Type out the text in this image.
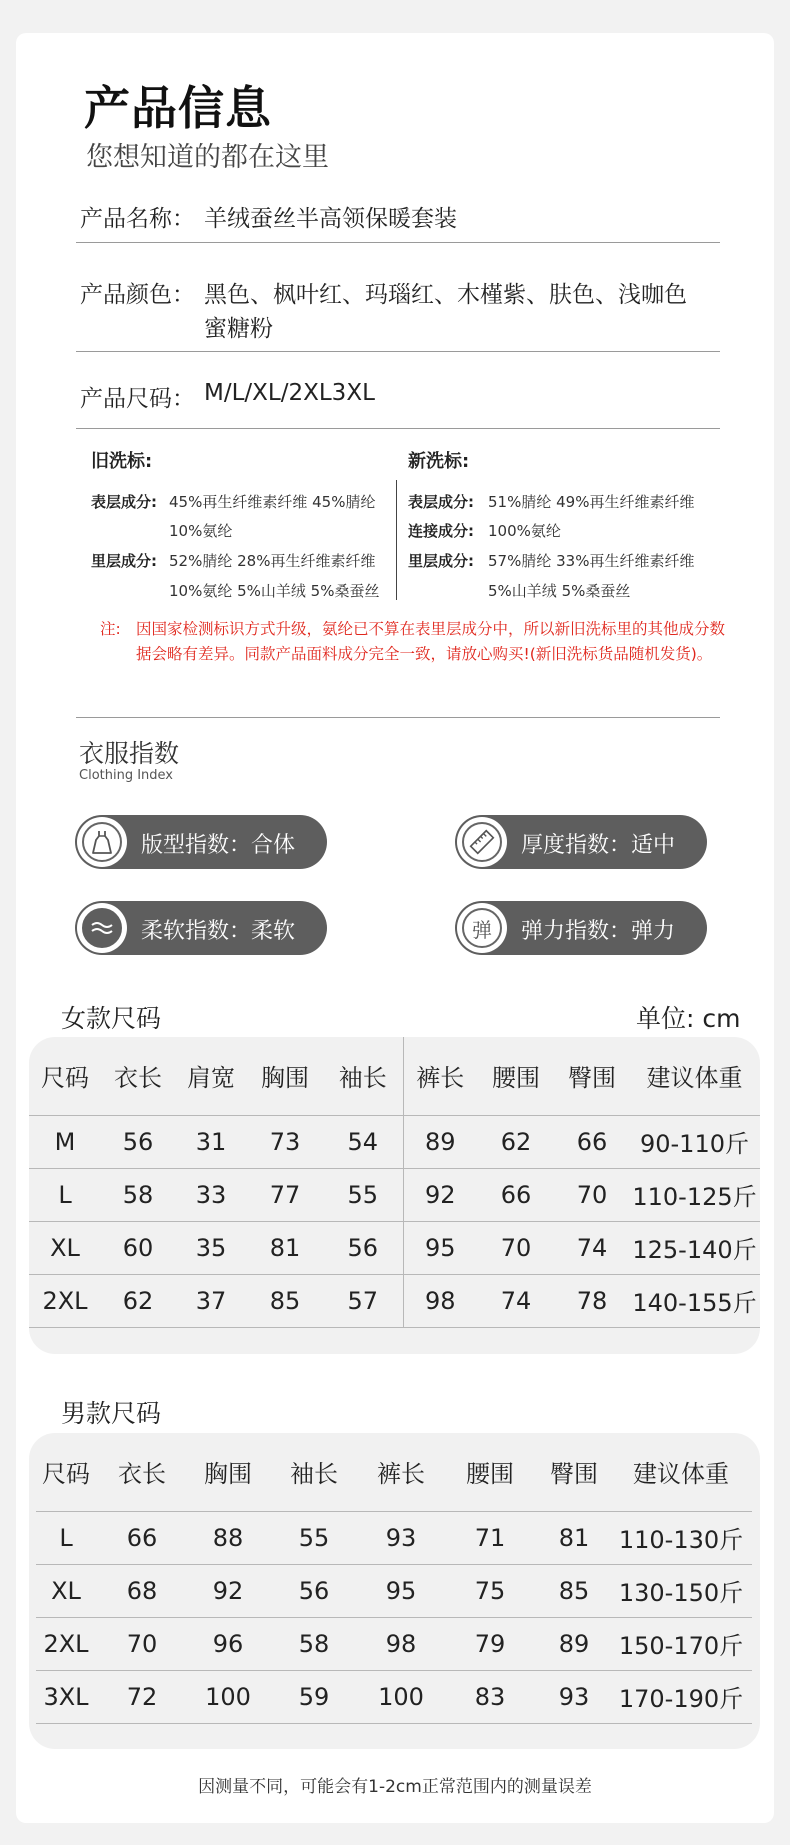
产品信息
您想知道的都在这里
产品名称： 羊绒蚕丝半高领保暖套装
产品颜色： 黑色、枫叶红、玛瑙红、木槿紫、肤色、浅咖色
蜜糖粉
产品尺码： M/L/XL/2XL3XL
旧洗标:
表层成分: 45%再生纤维素纤维 45%腈纶
10%氨纶
里层成分: 52%腈纶 28%再生纤维素纤维
10%氨纶 5%山羊绒 5%桑蚕丝
新洗标:
表层成分: 51%腈纶 49%再生纤维素纤维
连接成分: 100%氨纶
里层成分: 57%腈纶 33%再生纤维素纤维
5%山羊绒 5%桑蚕丝
注: 因国家检测标识方式升级，氨纶已不算在表里层成分中，所以新旧洗标里的其他成分数据会略有差异。同款产品面料成分完全一致，请放心购买!(新旧洗标货品随机发货)。
衣服指数
Clothing Index
版型指数：合体	厚度指数：适中
柔软指数：柔软	弹	弹力指数：弹力
女款尺码	单位: cm
尺码	衣长	肩宽	胸围	袖长	裤长	腰围	臀围	建议体重
M	56	31	73	54	89	62	66	90-110斤
L	58	33	77	55	92	66	70	110-125斤
XL	60	35	81	56	95	70	74	125-140斤
2XL	62	37	85	57	98	74	78	140-155斤
男款尺码
尺码	衣长	胸围	袖长	裤长	腰围	臀围	建议体重
L	66	88	55	93	71	81	110-130斤
XL	68	92	56	95	75	85	130-150斤
2XL	70	96	58	98	79	89	150-170斤
3XL	72	100	59	100	83	93	170-190斤
因测量不同，可能会有1-2cm正常范围内的测量误差
